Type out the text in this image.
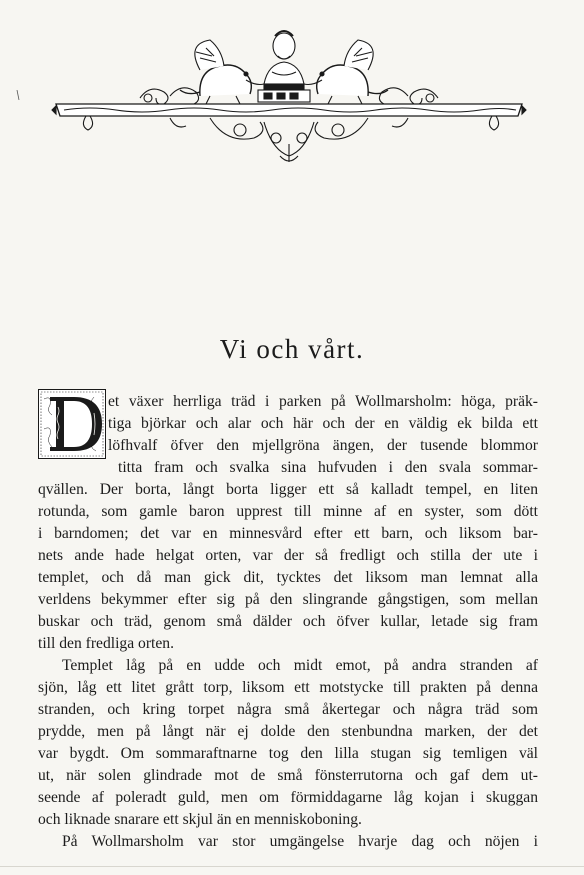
Vi och vårt.

et växer herrliga träd i parken på Wollmarsholm: höga, präk-

tiga björkar och alar och här och der en väldig ek bilda ett

löfhvalf öfver den mjellgröna ängen, der tusende blommor

titta fram och svalka sina hufvuden i den svala sommar-

qvällen. Der borta, långt borta ligger ett så kalladt tempel, en liten

rotunda, som gamle baron upprest till minne af en syster, som dött

i barndomen; det var en minnesvård efter ett barn, och liksom bar-

nets ande hade helgat orten, var der så fredligt och stilla der ute i

templet, och då man gick dit, tycktes det liksom man lemnat alla

verldens bekymmer efter sig på den slingrande gångstigen, som mellan

buskar och träd, genom små dälder och öfver kullar, letade sig fram

till den fredliga orten.

Templet låg på en udde och midt emot, på andra stranden af

sjön, låg ett litet grått torp, liksom ett motstycke till prakten på denna

stranden, och kring torpet några små åkertegar och några träd som

prydde, men på långt när ej dolde den stenbundna marken, der det

var bygdt. Om sommaraftnarne tog den lilla stugan sig temligen väl

ut, när solen glindrade mot de små fönsterrutorna och gaf dem ut-

seende af poleradt guld, men om förmiddagarne låg kojan i skuggan

och liknade snarare ett skjul än en menniskoboning.

På Wollmarsholm var stor umgängelse hvarje dag och nöjen i
